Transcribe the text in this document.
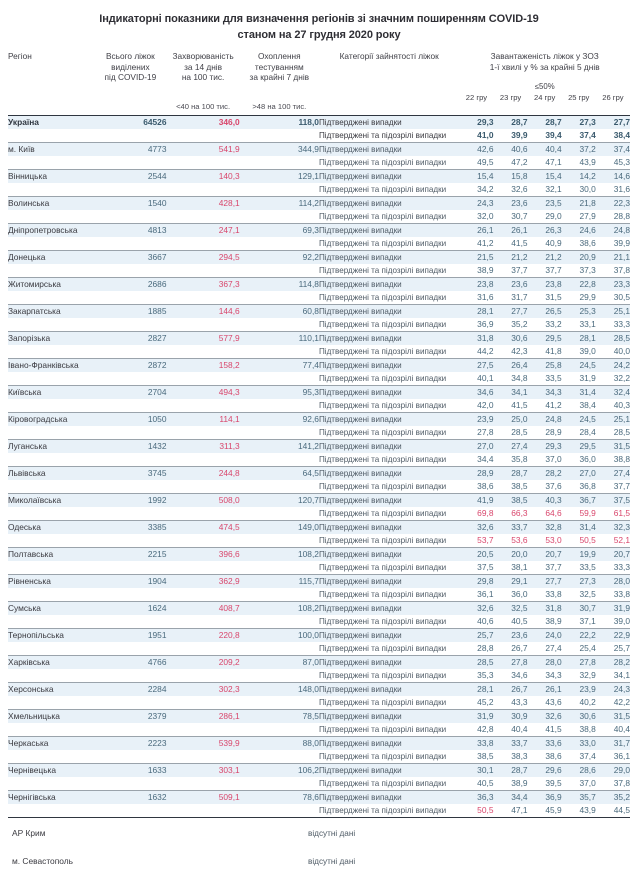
Індикаторні показники для визначення регіонів зі значним поширенням COVID-19
станом на 27 грудня 2020 року
Регіон	Всього ліжок
виділених
під COVID-19

Захворюваність
за 14 днів
на 100 тис.

Охоплення
тестуванням
за крайні 7 днів
	Категорії зайнятості ліжок	Завантаженість ліжок у ЗОЗ
1-ї хвилі у % за крайні 5 днів
≤50%

					22 гру	23 гру	24 гру	25 гру	26 гру
		<40 на 100 тис.	>48 на 100 тис.						

Україна	64526	346,0	118,0	Підтверджені випадки	29,3	28,7	28,7	27,3	27,7
				Підтверджені та підозрілі випадки	41,0	39,9	39,4	37,4	38,4
м. Київ	4773	541,9	344,9	Підтверджені випадки	42,6	40,6	40,4	37,2	37,4
				Підтверджені та підозрілі випадки	49,5	47,2	47,1	43,9	45,3
Вінницька	2544	140,3	129,1	Підтверджені випадки	15,4	15,8	15,4	14,2	14,6
				Підтверджені та підозрілі випадки	34,2	32,6	32,1	30,0	31,6
Волинська	1540	428,1	114,2	Підтверджені випадки	24,3	23,6	23,5	21,8	22,3
				Підтверджені та підозрілі випадки	32,0	30,7	29,0	27,9	28,8
Дніпропетровська	4813	247,1	69,3	Підтверджені випадки	26,1	26,1	26,3	24,6	24,8
				Підтверджені та підозрілі випадки	41,2	41,5	40,9	38,6	39,9
Донецька	3667	294,5	92,2	Підтверджені випадки	21,5	21,2	21,2	20,9	21,1
				Підтверджені та підозрілі випадки	38,9	37,7	37,7	37,3	37,8
Житомирська	2686	367,3	114,8	Підтверджені випадки	23,8	23,6	23,8	22,8	23,3
				Підтверджені та підозрілі випадки	31,6	31,7	31,5	29,9	30,5
Закарпатська	1885	144,6	60,8	Підтверджені випадки	28,1	27,7	26,5	25,3	25,1
				Підтверджені та підозрілі випадки	36,9	35,2	33,2	33,1	33,3
Запорізька	2827	577,9	110,1	Підтверджені випадки	31,8	30,6	29,5	28,1	28,5
				Підтверджені та підозрілі випадки	44,2	42,3	41,8	39,0	40,0
Івано-Франківська	2872	158,2	77,4	Підтверджені випадки	27,5	26,4	25,8	24,5	24,2
				Підтверджені та підозрілі випадки	40,1	34,8	33,5	31,9	32,2
Київська	2704	494,3	95,3	Підтверджені випадки	34,6	34,1	34,3	31,4	32,4
				Підтверджені та підозрілі випадки	42,0	41,5	41,2	38,4	40,3
Кіровоградська	1050	114,1	92,6	Підтверджені випадки	23,9	25,0	24,8	24,5	25,1
				Підтверджені та підозрілі випадки	27,8	28,5	28,9	28,4	28,5
Луганська	1432	311,3	141,2	Підтверджені випадки	27,0	27,4	29,3	29,5	31,5
				Підтверджені та підозрілі випадки	34,4	35,8	37,0	36,0	38,8
Львівська	3745	244,8	64,5	Підтверджені випадки	28,9	28,7	28,2	27,0	27,4
				Підтверджені та підозрілі випадки	38,6	38,5	37,6	36,8	37,7
Миколаївська	1992	508,0	120,7	Підтверджені випадки	41,9	38,5	40,3	36,7	37,5
				Підтверджені та підозрілі випадки	69,8	66,3	64,6	59,9	61,5
Одеська	3385	474,5	149,0	Підтверджені випадки	32,6	33,7	32,8	31,4	32,3
				Підтверджені та підозрілі випадки	53,7	53,6	53,0	50,5	52,1
Полтавська	2215	396,6	108,2	Підтверджені випадки	20,5	20,0	20,7	19,9	20,7
				Підтверджені та підозрілі випадки	37,5	38,1	37,7	33,5	33,3
Рівненська	1904	362,9	115,7	Підтверджені випадки	29,8	29,1	27,7	27,3	28,0
				Підтверджені та підозрілі випадки	36,1	36,0	33,8	32,5	33,8
Сумська	1624	408,7	108,2	Підтверджені випадки	32,6	32,5	31,8	30,7	31,9
				Підтверджені та підозрілі випадки	40,6	40,5	38,9	37,1	39,0
Тернопільська	1951	220,8	100,0	Підтверджені випадки	25,7	23,6	24,0	22,2	22,9
				Підтверджені та підозрілі випадки	28,8	26,7	27,4	25,4	25,7
Харківська	4766	209,2	87,0	Підтверджені випадки	28,5	27,8	28,0	27,8	28,2
				Підтверджені та підозрілі випадки	35,3	34,6	34,3	32,9	34,1
Херсонська	2284	302,3	148,0	Підтверджені випадки	28,1	26,7	26,1	23,9	24,3
				Підтверджені та підозрілі випадки	45,2	43,3	43,6	40,2	42,2
Хмельницька	2379	286,1	78,5	Підтверджені випадки	31,9	30,9	32,6	30,6	31,5
				Підтверджені та підозрілі випадки	42,8	40,4	41,5	38,8	40,4
Черкаська	2223	539,9	88,0	Підтверджені випадки	33,8	33,7	33,6	33,0	31,7
				Підтверджені та підозрілі випадки	38,5	38,3	38,6	37,4	36,1
Чернівецька	1633	303,1	106,2	Підтверджені випадки	30,1	28,7	29,6	28,6	29,0
				Підтверджені та підозрілі випадки	40,5	38,9	39,5	37,0	37,8
Чернігівська	1632	509,1	78,6	Підтверджені випадки	36,3	34,4	36,9	35,7	35,2
				Підтверджені та підозрілі випадки	50,5	47,1	45,9	43,9	44,5
АР Крим	відсутні дані
м. Севастополь	відсутні дані
